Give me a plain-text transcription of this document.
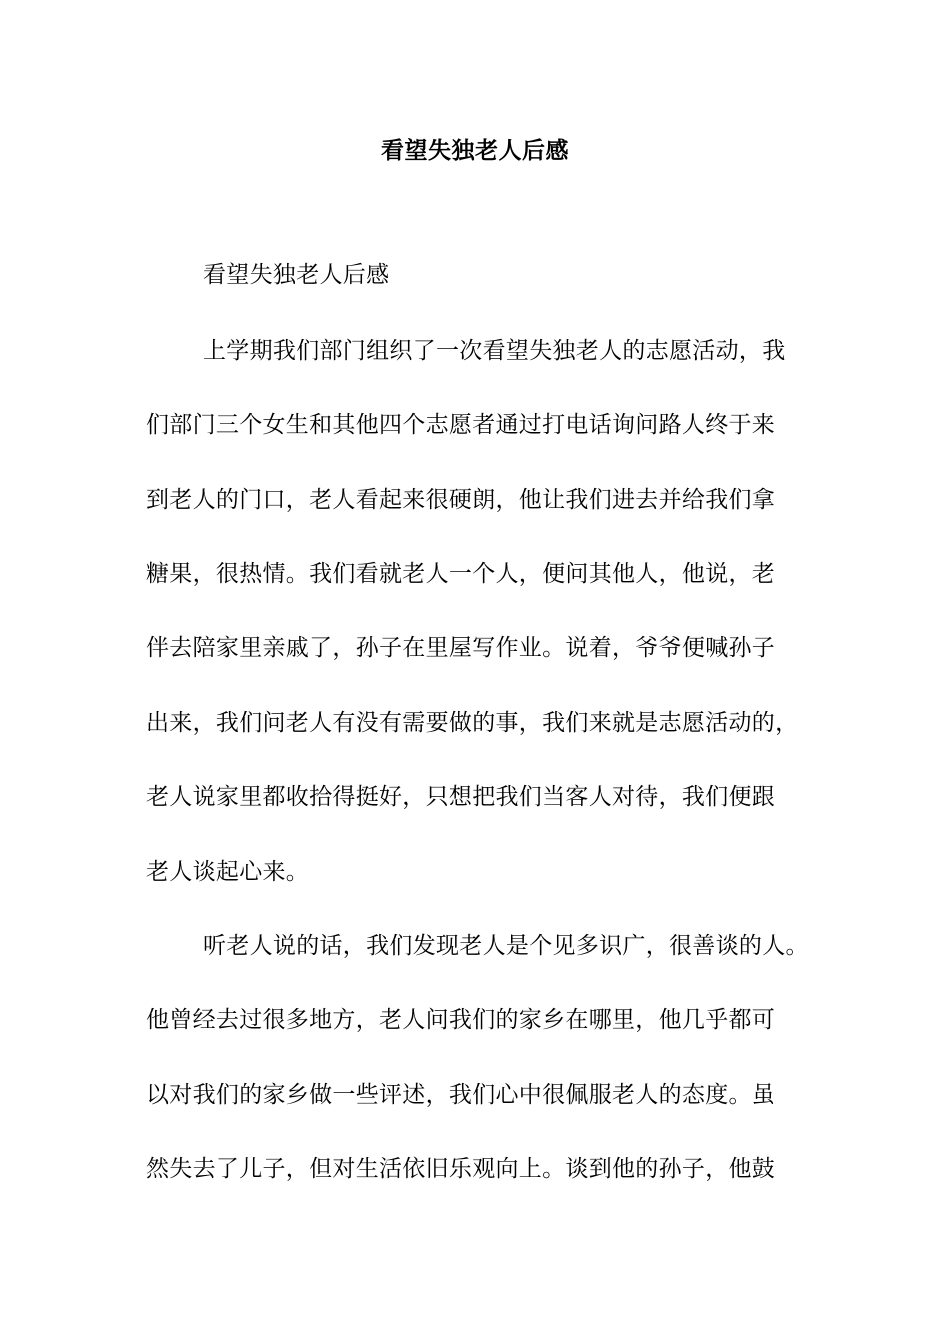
看望失独老人后感
看望失独老人后感
上学期我们部门组织了一次看望失独老人的志愿活动，我
们部门三个女生和其他四个志愿者通过打电话询问路人终于来
到老人的门口，老人看起来很硬朗，他让我们进去并给我们拿
糖果，很热情。我们看就老人一个人，便问其他人，他说，老
伴去陪家里亲戚了，孙子在里屋写作业。说着，爷爷便喊孙子
出来，我们问老人有没有需要做的事，我们来就是志愿活动的，
老人说家里都收拾得挺好，只想把我们当客人对待，我们便跟
老人谈起心来。
听老人说的话，我们发现老人是个见多识广，很善谈的人。
他曾经去过很多地方，老人问我们的家乡在哪里，他几乎都可
以对我们的家乡做一些评述，我们心中很佩服老人的态度。虽
然失去了儿子，但对生活依旧乐观向上。谈到他的孙子，他鼓
